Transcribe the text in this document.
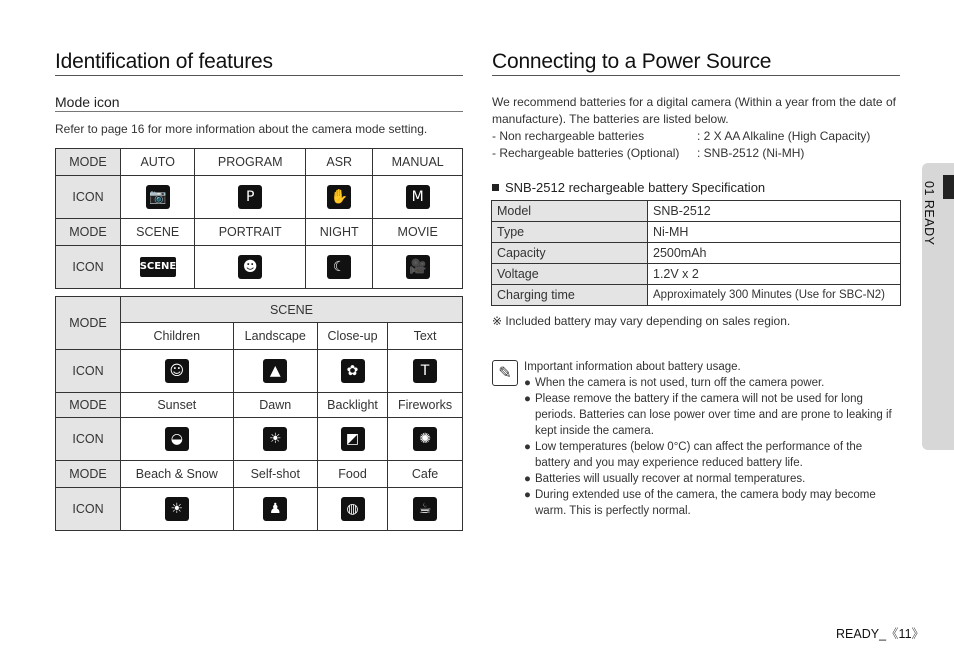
Identification of features
Mode icon
Refer to page 16 for more information about the camera mode setting.
MODE	AUTO	PROGRAM	ASR	MANUAL
ICON	📷	P	✋	M
MODE	SCENE	PORTRAIT	NIGHT	MOVIE
ICON	SCENE	☻	☾	🎥
MODE	SCENE			
	Children	Landscape	Close-up	Text
ICON	☺	▲	✿	T
MODE	Sunset	Dawn	Backlight	Fireworks
ICON	◒	☀	◩	✺
MODE	Beach & Snow	Self-shot	Food	Cafe
ICON	☀	♟	◍	☕
Connecting to a Power Source
We recommend batteries for a digital camera (Within a year from the date of manufacture). The batteries are listed below.
- Non rechargeable batteries	: 2 X AA Alkaline (High Capacity)
- Rechargeable batteries (Optional) : SNB-2512 (Ni-MH)
SNB-2512 rechargeable battery Specification
Model	SNB-2512
Type	Ni-MH
Capacity	2500mAh
Voltage	1.2V x 2
Charging time	Approximately 300 Minutes (Use for SBC-N2)
※ Included battery may vary depending on sales region.
✎	Important information about battery usage.
● When the camera is not used, turn off the camera power.
● Please remove the battery if the camera will not be used for long periods. Batteries can lose power over time and are prone to leaking if kept inside the camera.
● Low temperatures (below 0°C) can affect the performance of the battery and you may experience reduced battery life.
● Batteries will usually recover at normal temperatures.
● During extended use of the camera, the camera body may become warm. This is perfectly normal.
01 READY
READY_《11》
